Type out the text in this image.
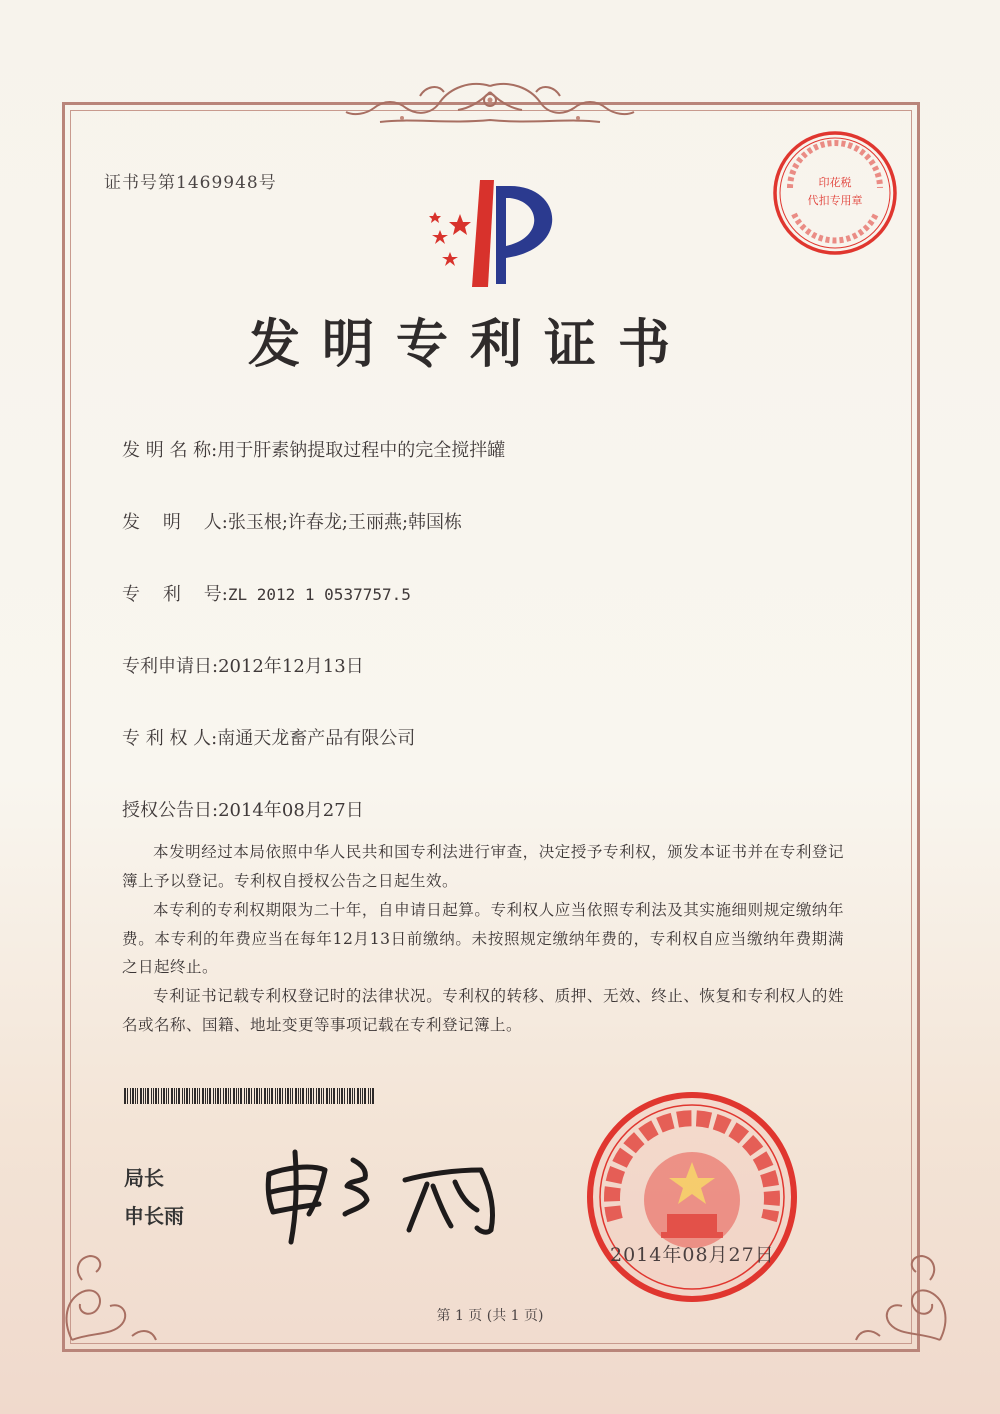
证书号第1469948号	印花税
代扣专用章
发明专利证书
发 明 名 称:用于肝素钠提取过程中的完全搅拌罐
发    明    人:张玉根;许春龙;王丽燕;韩国栋
专    利    号:ZL 2012 1 0537757.5
专利申请日:2012年12月13日
专 利 权 人:南通天龙畜产品有限公司
授权公告日:2014年08月27日
本发明经过本局依照中华人民共和国专利法进行审查，决定授予专利权，颁发本证书并在专利登记簿上予以登记。专利权自授权公告之日起生效。
本专利的专利权期限为二十年，自申请日起算。专利权人应当依照专利法及其实施细则规定缴纳年费。本专利的年费应当在每年12月13日前缴纳。未按照规定缴纳年费的，专利权自应当缴纳年费期满之日起终止。
专利证书记载专利权登记时的法律状况。专利权的转移、质押、无效、终止、恢复和专利权人的姓名或名称、国籍、地址变更等事项记载在专利登记簿上。
局长
申长雨
2014年08月27日
第 1 页 (共 1 页)
